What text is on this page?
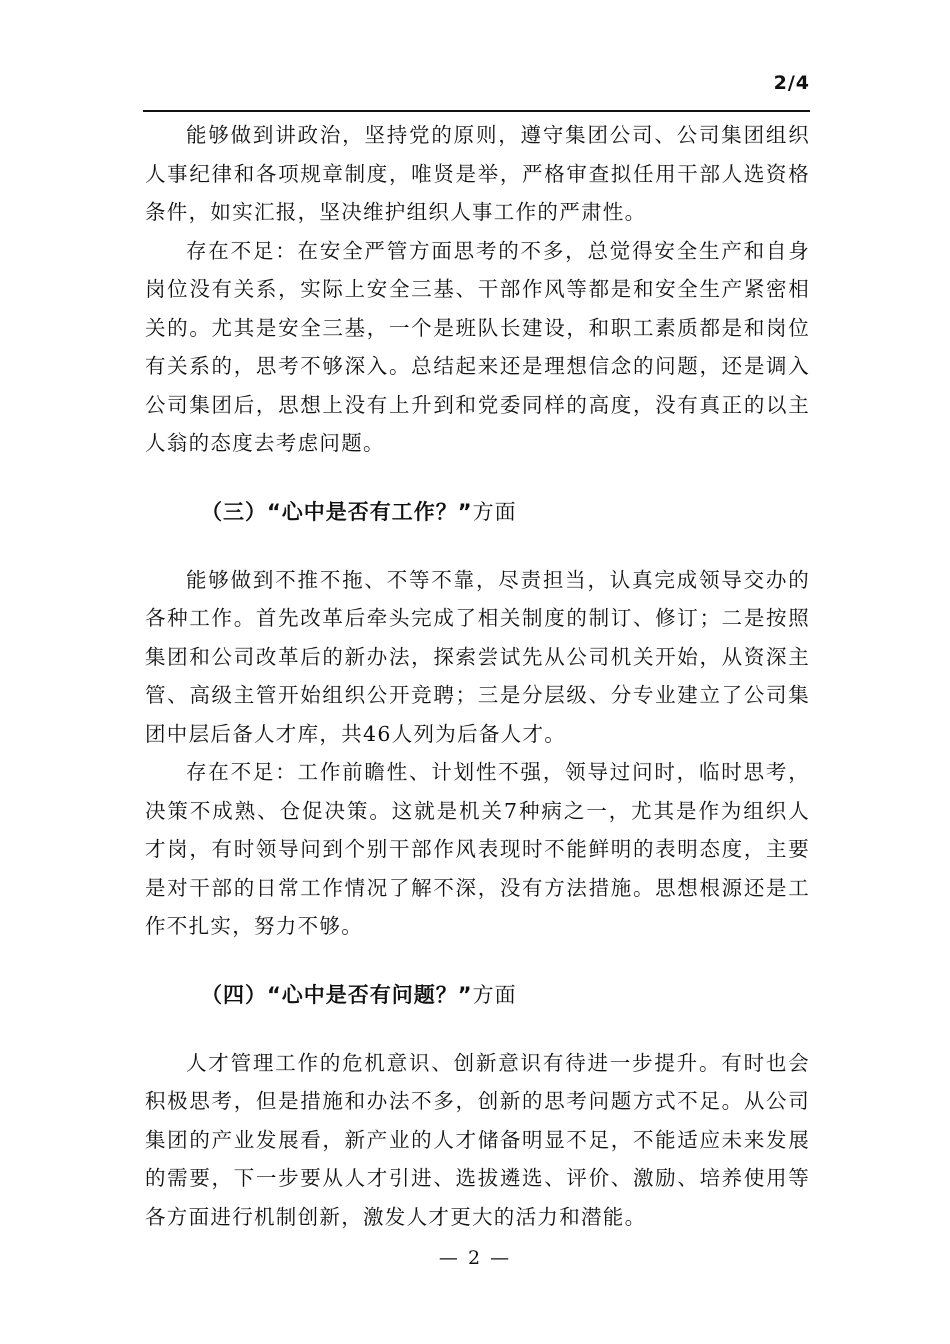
2/4

能够做到讲政治，坚持党的原则，遵守集团公司、公司集团组织人事纪律和各项规章制度，唯贤是举，严格审查拟任用干部人选资格条件，如实汇报，坚决维护组织人事工作的严肃性。

存在不足：在安全严管方面思考的不多，总觉得安全生产和自身岗位没有关系，实际上安全三基、干部作风等都是和安全生产紧密相关的。尤其是安全三基，一个是班队长建设，和职工素质都是和岗位有关系的，思考不够深入。总结起来还是理想信念的问题，还是调入公司集团后，思想上没有上升到和党委同样的高度，没有真正的以主人翁的态度去考虑问题。

（三）“心中是否有工作？”方面

能够做到不推不拖、不等不靠，尽责担当，认真完成领导交办的各种工作。首先改革后牵头完成了相关制度的制订、修订；二是按照集团和公司改革后的新办法，探索尝试先从公司机关开始，从资深主管、高级主管开始组织公开竞聘；三是分层级、分专业建立了公司集团中层后备人才库，共46人列为后备人才。

存在不足：工作前瞻性、计划性不强，领导过问时，临时思考，决策不成熟、仓促决策。这就是机关7种病之一，尤其是作为组织人才岗，有时领导问到个别干部作风表现时不能鲜明的表明态度，主要是对干部的日常工作情况了解不深，没有方法措施。思想根源还是工作不扎实，努力不够。

（四）“心中是否有问题？”方面

人才管理工作的危机意识、创新意识有待进一步提升。有时也会积极思考，但是措施和办法不多，创新的思考问题方式不足。从公司集团的产业发展看，新产业的人才储备明显不足，不能适应未来发展的需要，下一步要从人才引进、选拔遴选、评价、激励、培养使用等各方面进行机制创新，激发人才更大的活力和潜能。

— 2 —
